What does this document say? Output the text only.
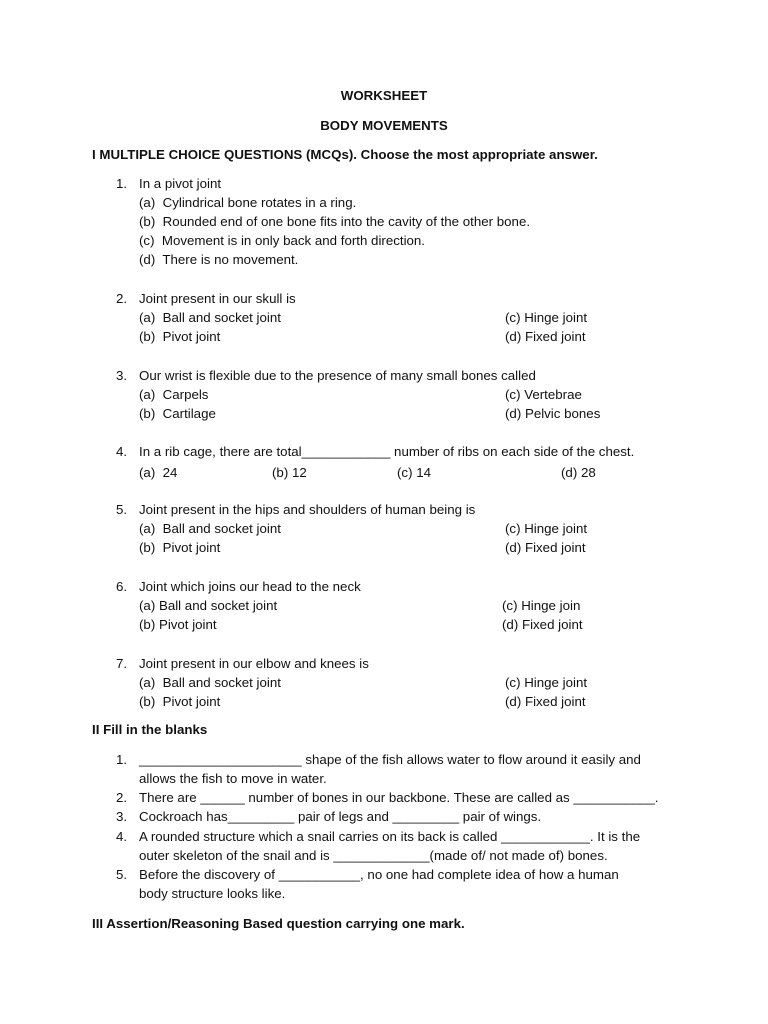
WORKSHEET
BODY MOVEMENTS
I MULTIPLE CHOICE QUESTIONS (MCQs). Choose the most appropriate answer.
1. In a pivot joint
(a)  Cylindrical bone rotates in a ring.
(b)  Rounded end of one bone fits into the cavity of the other bone.
(c)  Movement is in only back and forth direction.
(d)  There is no movement.
2. Joint present in our skull is
(a)  Ball and socket joint	(c) Hinge joint
(b)  Pivot joint	(d) Fixed joint
3. Our wrist is flexible due to the presence of many small bones called
(a)  Carpels	(c) Vertebrae
(b)  Cartilage	(d) Pelvic bones
4. In a rib cage, there are total____________ number of ribs on each side of the chest.
(a)  24	(b) 12	(c) 14	(d) 28
5. Joint present in the hips and shoulders of human being is
(a)  Ball and socket joint	(c) Hinge joint
(b)  Pivot joint	(d) Fixed joint
6. Joint which joins our head to the neck
(a) Ball and socket joint	(c) Hinge join
(b) Pivot joint	(d) Fixed joint
7. Joint present in our elbow and knees is
(a)  Ball and socket joint	(c) Hinge joint
(b)  Pivot joint	(d) Fixed joint
II Fill in the blanks
1. ______________________ shape of the fish allows water to flow around it easily and
allows the fish to move in water.
2. There are ______ number of bones in our backbone. These are called as ___________.
3. Cockroach has_________ pair of legs and _________ pair of wings.
4. A rounded structure which a snail carries on its back is called ____________. It is the
outer skeleton of the snail and is _____________(made of/ not made of) bones.
5. Before the discovery of ___________, no one had complete idea of how a human
body structure looks like.
III Assertion/Reasoning Based question carrying one mark.
